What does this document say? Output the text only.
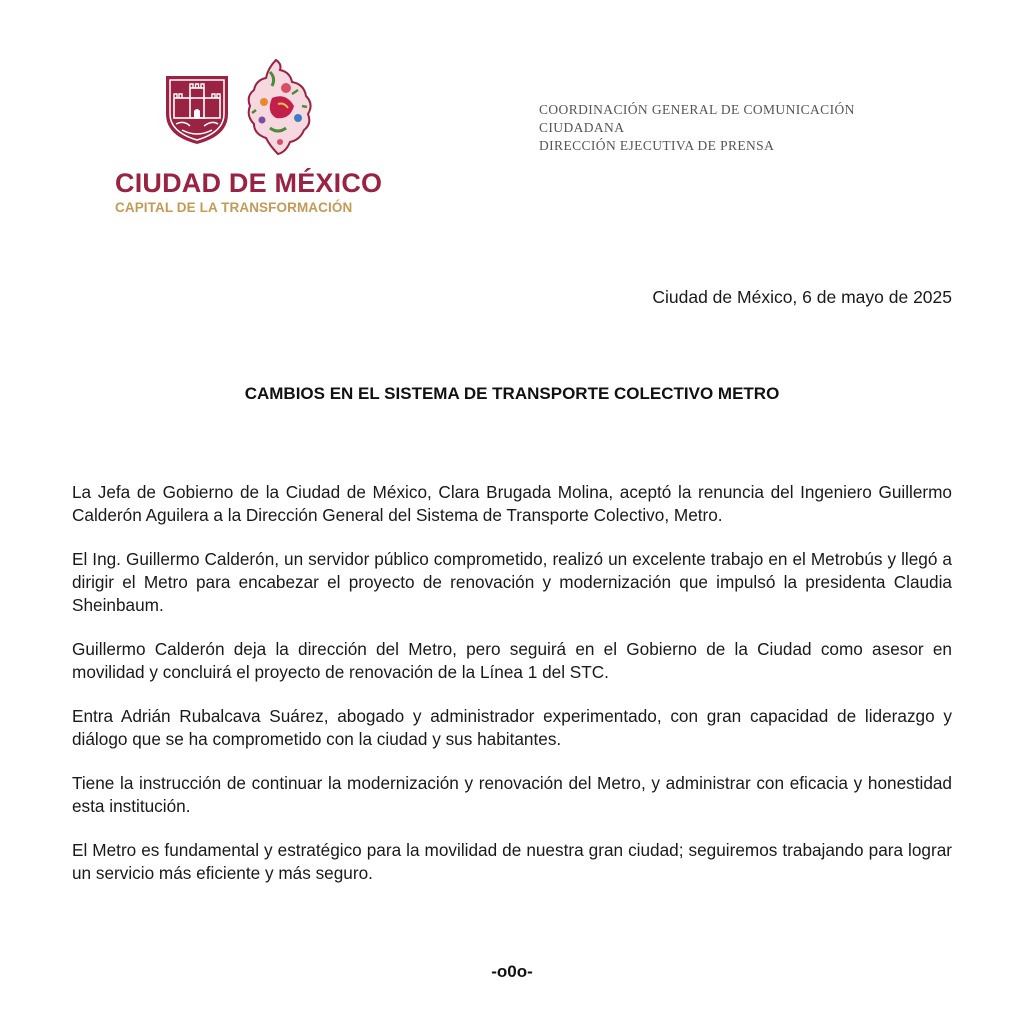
CIUDAD DE MÉXICO
CAPITAL DE LA TRANSFORMACIÓN
COORDINACIÓN GENERAL DE COMUNICACIÓN
CIUDADANA
DIRECCIÓN EJECUTIVA DE PRENSA
Ciudad de México, 6 de mayo de 2025
CAMBIOS EN EL SISTEMA DE TRANSPORTE COLECTIVO METRO

La Jefa de Gobierno de la Ciudad de México, Clara Brugada Molina, aceptó la renuncia del Ingeniero Guillermo Calderón Aguilera a la Dirección General del Sistema de Transporte Colectivo, Metro.

El Ing. Guillermo Calderón, un servidor público comprometido, realizó un excelente trabajo en el Metrobús y llegó a dirigir el Metro para encabezar el proyecto de renovación y modernización que impulsó la presidenta Claudia Sheinbaum.

Guillermo Calderón deja la dirección del Metro, pero seguirá en el Gobierno de la Ciudad como asesor en movilidad y concluirá el proyecto de renovación de la Línea 1 del STC.

Entra Adrián Rubalcava Suárez, abogado y administrador experimentado, con gran capacidad de liderazgo y diálogo que se ha comprometido con la ciudad y sus habitantes.

Tiene la instrucción de continuar la modernización y renovación del Metro, y administrar con eficacia y honestidad esta institución.

El Metro es fundamental y estratégico para la movilidad de nuestra gran ciudad; seguiremos trabajando para lograr un servicio más eficiente y más seguro.

-o0o-
